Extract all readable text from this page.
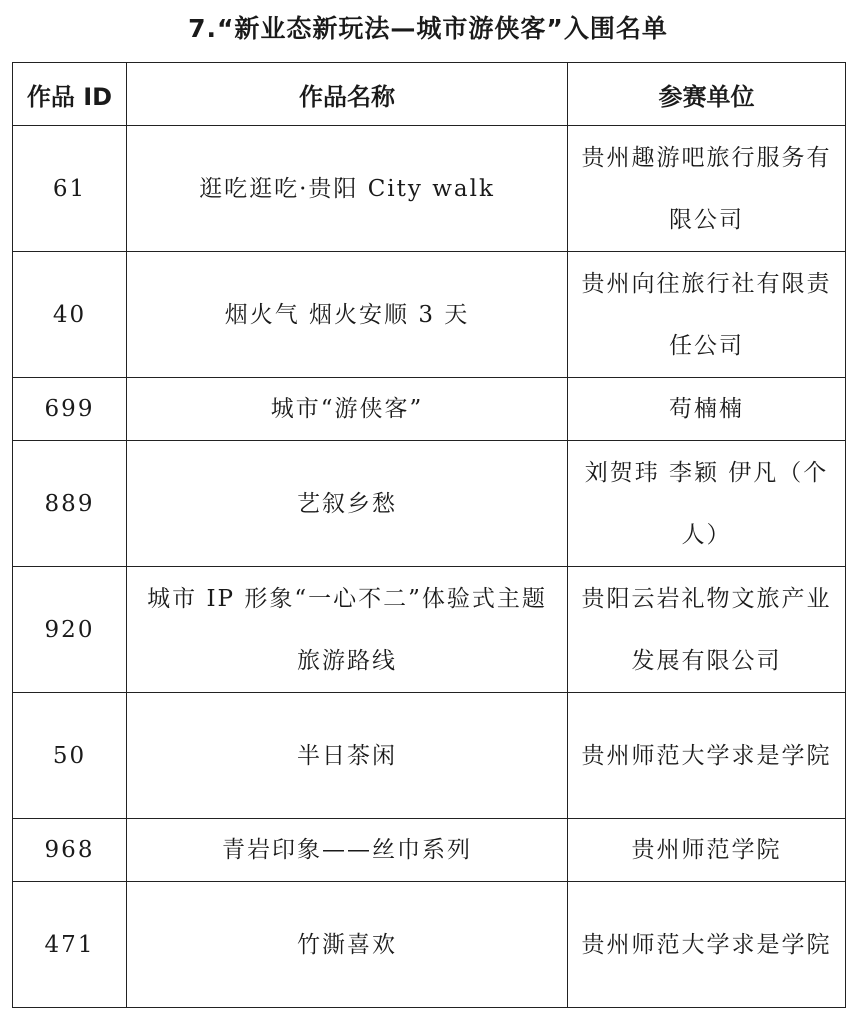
7.“新业态新玩法—城市游侠客”入围名单
作品 ID	作品名称	参赛单位
61	逛吃逛吃·贵阳 City walk	贵州趣游吧旅行服务有限公司
40	烟火气 烟火安顺 3 天	贵州向往旅行社有限责任公司
699	城市“游侠客”	苟楠楠
889	艺叙乡愁	刘贺玮 李颖 伊凡（个人）
920	城市 IP 形象“一心不二”体验式主题旅游路线	贵阳云岩礼物文旅产业发展有限公司
50	半日茶闲	贵州师范大学求是学院
968	青岩印象——丝巾系列	贵州师范学院
471	竹澌喜欢	贵州师范大学求是学院
